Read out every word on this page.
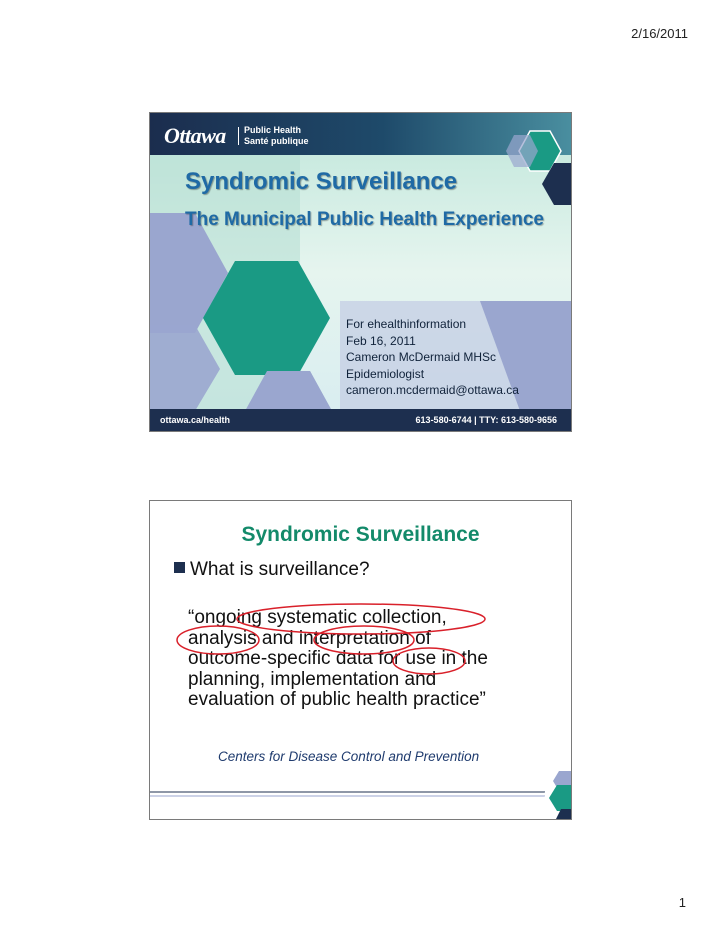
2/16/2011
Ottawa Public Health
Santé publique
Syndromic Surveillance
The Municipal Public Health Experience
For ehealthinformation
Feb 16, 2011
Cameron McDermaid MHSc
Epidemiologist
cameron.mcdermaid@ottawa.ca
ottawa.ca/health	613-580-6744 | TTY: 613-580-9656
Syndromic Surveillance
What is surveillance?
“ongoing systematic collection,
analysis and interpretation of
outcome-specific data for use in the
planning, implementation and
evaluation of public health practice”
Centers for Disease Control and Prevention
2
1
